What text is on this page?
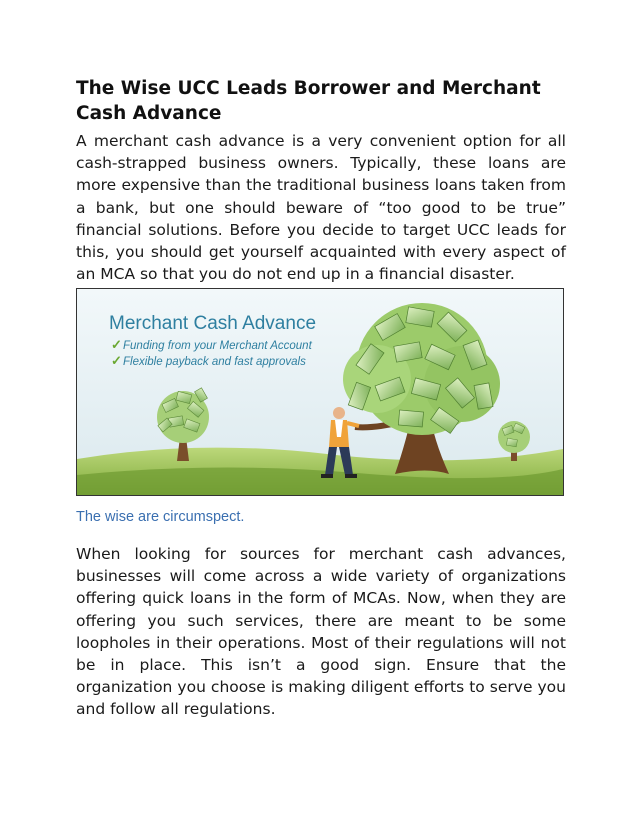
The Wise UCC Leads Borrower and Merchant Cash Advance

A merchant cash advance is a very convenient option for all cash-strapped business owners. Typically, these loans are more expensive than the traditional business loans taken from a bank, but one should beware of “too good to be true” financial solutions. Before you decide to target UCC leads for this, you should get yourself acquainted with every aspect of an MCA so that you do not end up in a financial disaster.

Merchant Cash Advance
✓ Funding from your Merchant Account
✓ Flexible payback and fast approvals
The wise are circumspect.

When looking for sources for merchant cash advances, businesses will come across a wide variety of organizations offering quick loans in the form of MCAs. Now, when they are offering you such services, there are meant to be some loopholes in their operations. Most of their regulations will not be in place. This isn’t a good sign. Ensure that the organization you choose is making diligent efforts to serve you and follow all regulations.
